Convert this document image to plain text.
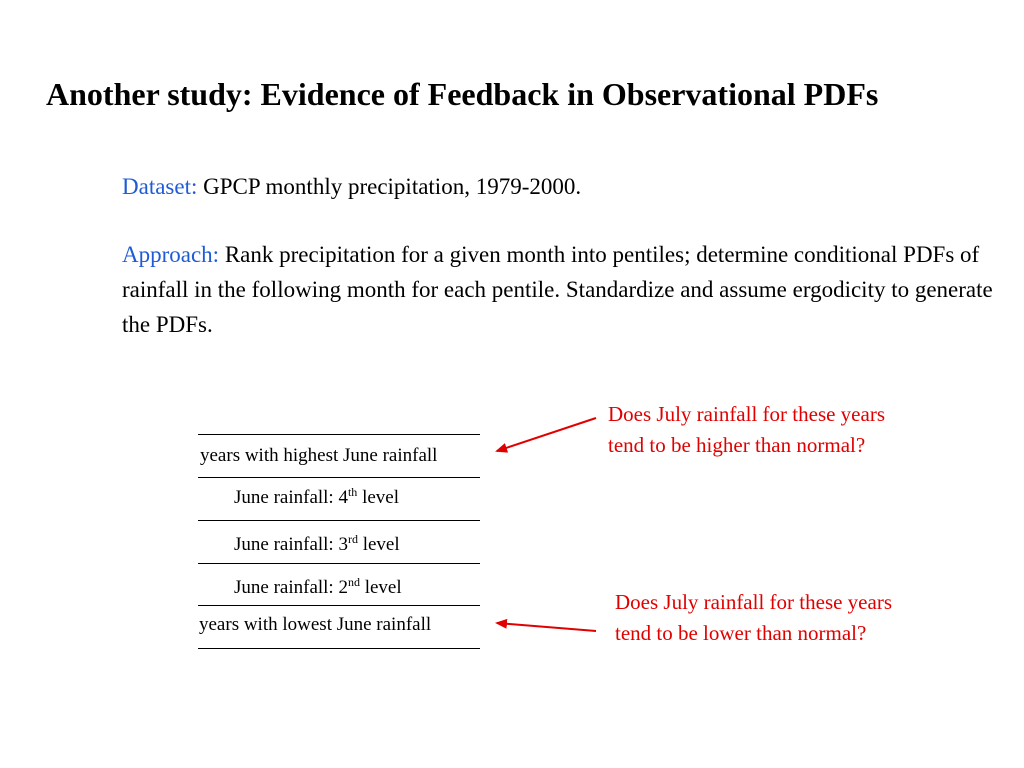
Another study: Evidence of Feedback in Observational PDFs
Dataset: GPCP monthly precipitation, 1979-2000.
Approach: Rank precipitation for a given month into pentiles; determine conditional PDFs of rainfall in the following month for each pentile. Standardize and assume ergodicity to generate the PDFs.
years with highest June rainfall
June rainfall: 4th level
June rainfall: 3rd level
June rainfall: 2nd level
years with lowest June rainfall
Does July rainfall for these years tend to be higher than normal?
Does July rainfall for these years tend to be lower than normal?
